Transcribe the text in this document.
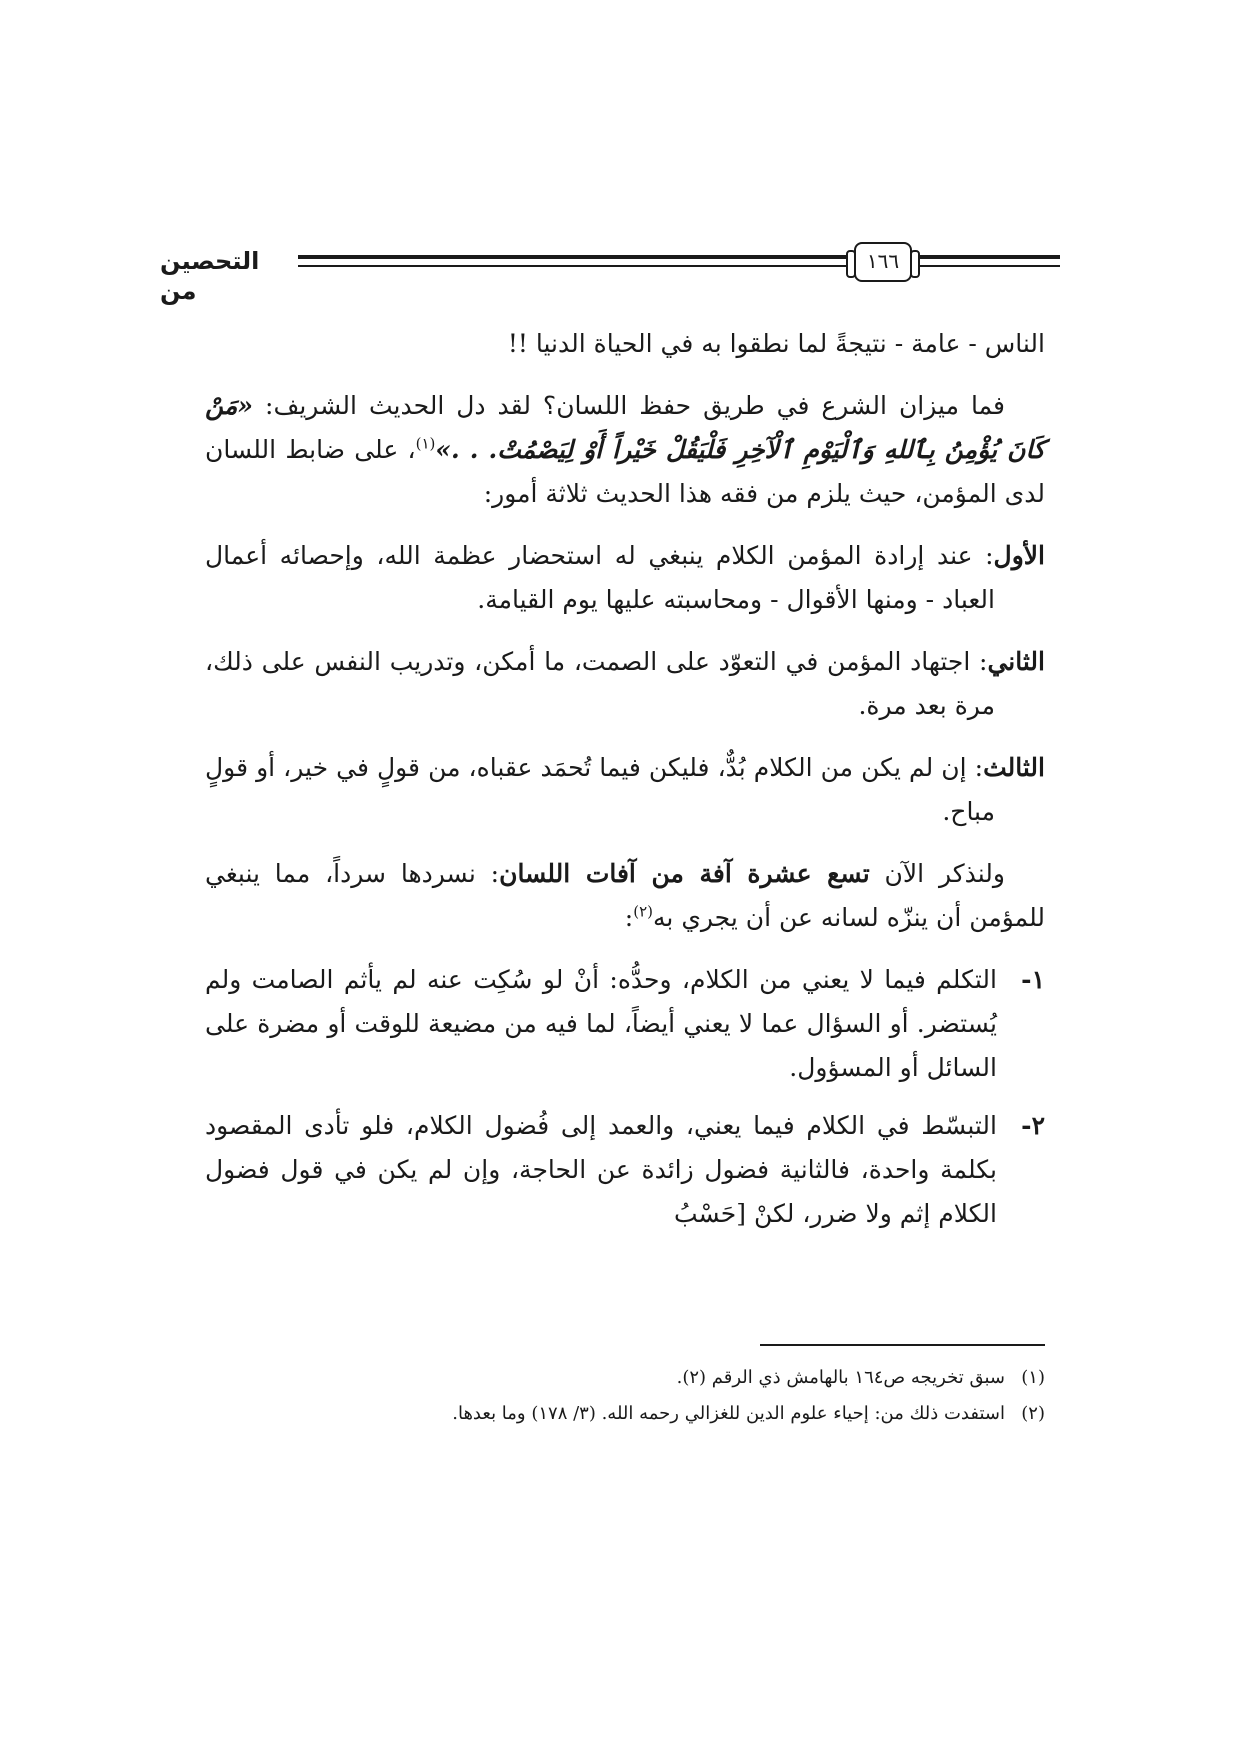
التحصين من
١٦٦

الناس - عامة - نتيجةً لما نطقوا به في الحياة الدنيا !!

فما ميزان الشرع في طريق حفظ اللسان؟ لقد دل الحديث الشريف: «مَنْ كَانَ يُؤْمِنُ بِٱللهِ وَٱلْيَوْمِ ٱلْآخِرِ فَلْيَقُلْ خَيْراً أَوْ لِيَصْمُتْ. . .»$^{(١)}$، على ضابط اللسان لدى المؤمن، حيث يلزم من فقه هذا الحديث ثلاثة أمور:

الأول: عند إرادة المؤمن الكلام ينبغي له استحضار عظمة الله، وإحصائه أعمال العباد - ومنها الأقوال - ومحاسبته عليها يوم القيامة.

الثاني: اجتهاد المؤمن في التعوّد على الصمت، ما أمكن، وتدريب النفس على ذلك، مرة بعد مرة.

الثالث: إن لم يكن من الكلام بُدٌّ، فليكن فيما تُحمَد عقباه، من قولٍ في خير، أو قولٍ مباح.

ولنذكر الآن تسع عشرة آفة من آفات اللسان: نسردها سرداً، مما ينبغي للمؤمن أن ينزّه لسانه عن أن يجري به$^{(٢)}$:

١-
التكلم فيما لا يعني من الكلام، وحدُّه: أنْ لو سُكِت عنه لم يأثم الصامت ولم يُستضر. أو السؤال عما لا يعني أيضاً، لما فيه من مضيعة للوقت أو مضرة على السائل أو المسؤول.
٢-
التبسّط في الكلام فيما يعني، والعمد إلى فُضول الكلام، فلو تأدى المقصود بكلمة واحدة، فالثانية فضول زائدة عن الحاجة، وإن لم يكن في قول فضول الكلام إثم ولا ضرر، لكنْ [حَسْبُ
(١)سبق تخريجه ص١٦٤ بالهامش ذي الرقم (٢).
(٢)استفدت ذلك من: إحياء علوم الدين للغزالي رحمه الله. (٣/ ١٧٨) وما بعدها.
